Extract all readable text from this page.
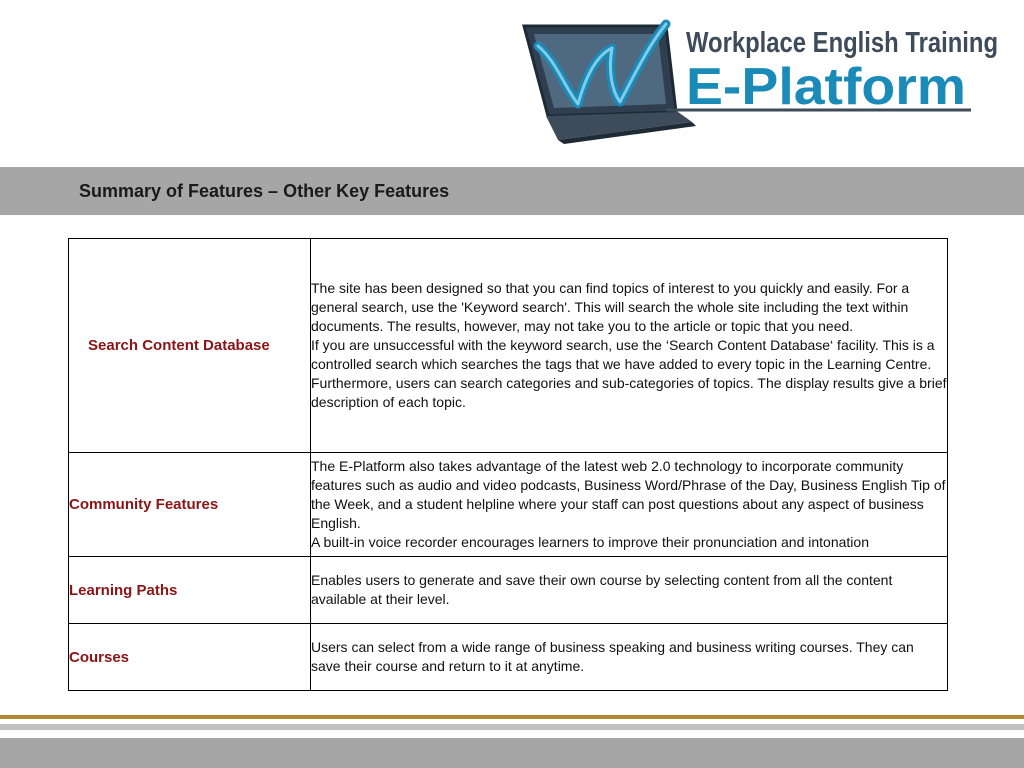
Workplace English Training
E-Platform
Summary of Features – Other Key Features
Search Content Database	The site has been designed so that you can find topics of interest to you quickly and easily. For a general search, use the 'Keyword search'. This will search the whole site including the text within documents. The results, however, may not take you to the article or topic that you need.
If you are unsuccessful with the keyword search, use the ‘Search Content Database‘ facility. This is a controlled search which searches the tags that we have added to every topic in the Learning Centre. Furthermore, users can search categories and sub-categories of topics. The display results give a brief description of each topic.

Community Features	The E-Platform also takes advantage of the latest web 2.0 technology to incorporate community features such as audio and video podcasts, Business Word/Phrase of the Day, Business English Tip of the Week, and a student helpline where your staff can post questions about any aspect of business English.
A built-in voice recorder encourages learners to improve their pronunciation and intonation

Learning Paths	Enables users to generate and save their own course by selecting content from all the content available at their level.

Courses	Users can select from a wide range of business speaking and business writing courses. They can save their course and return to it at anytime.
